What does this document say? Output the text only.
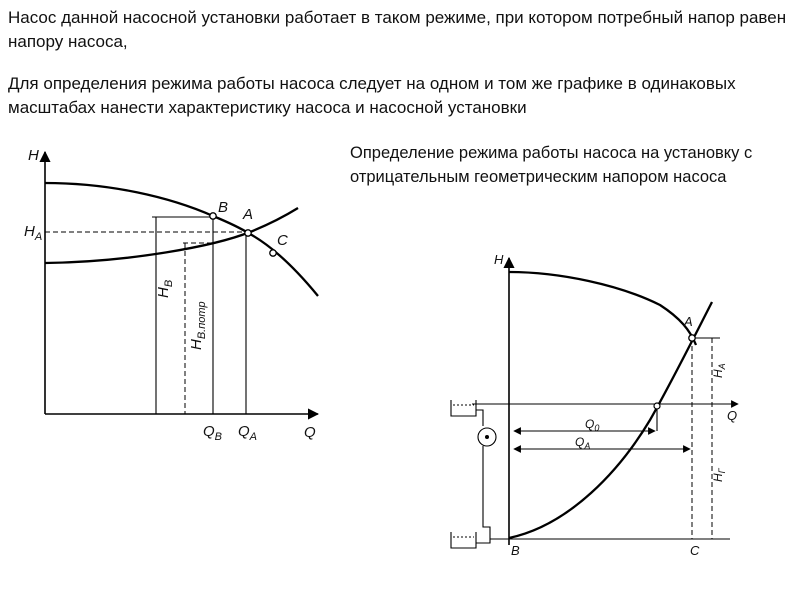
Насос данной насосной установки работает в таком режиме, при котором потребный напор равен напору насоса,

Для определения режима работы насоса следует на одном и том же графике в одинаковых масштабах нанести характеристику насоса и насосной установки

Определение режима работы насоса на установку с отрицательным геометрическим напором насоса

H
Q
B A
C
$H_A$
$H_B$
$H_{B.потр}$
$Q_B$ $Q_A$
H
Q
$Q_0$
$Q_A$
$H_A$
$H_Г$
A
B	C
